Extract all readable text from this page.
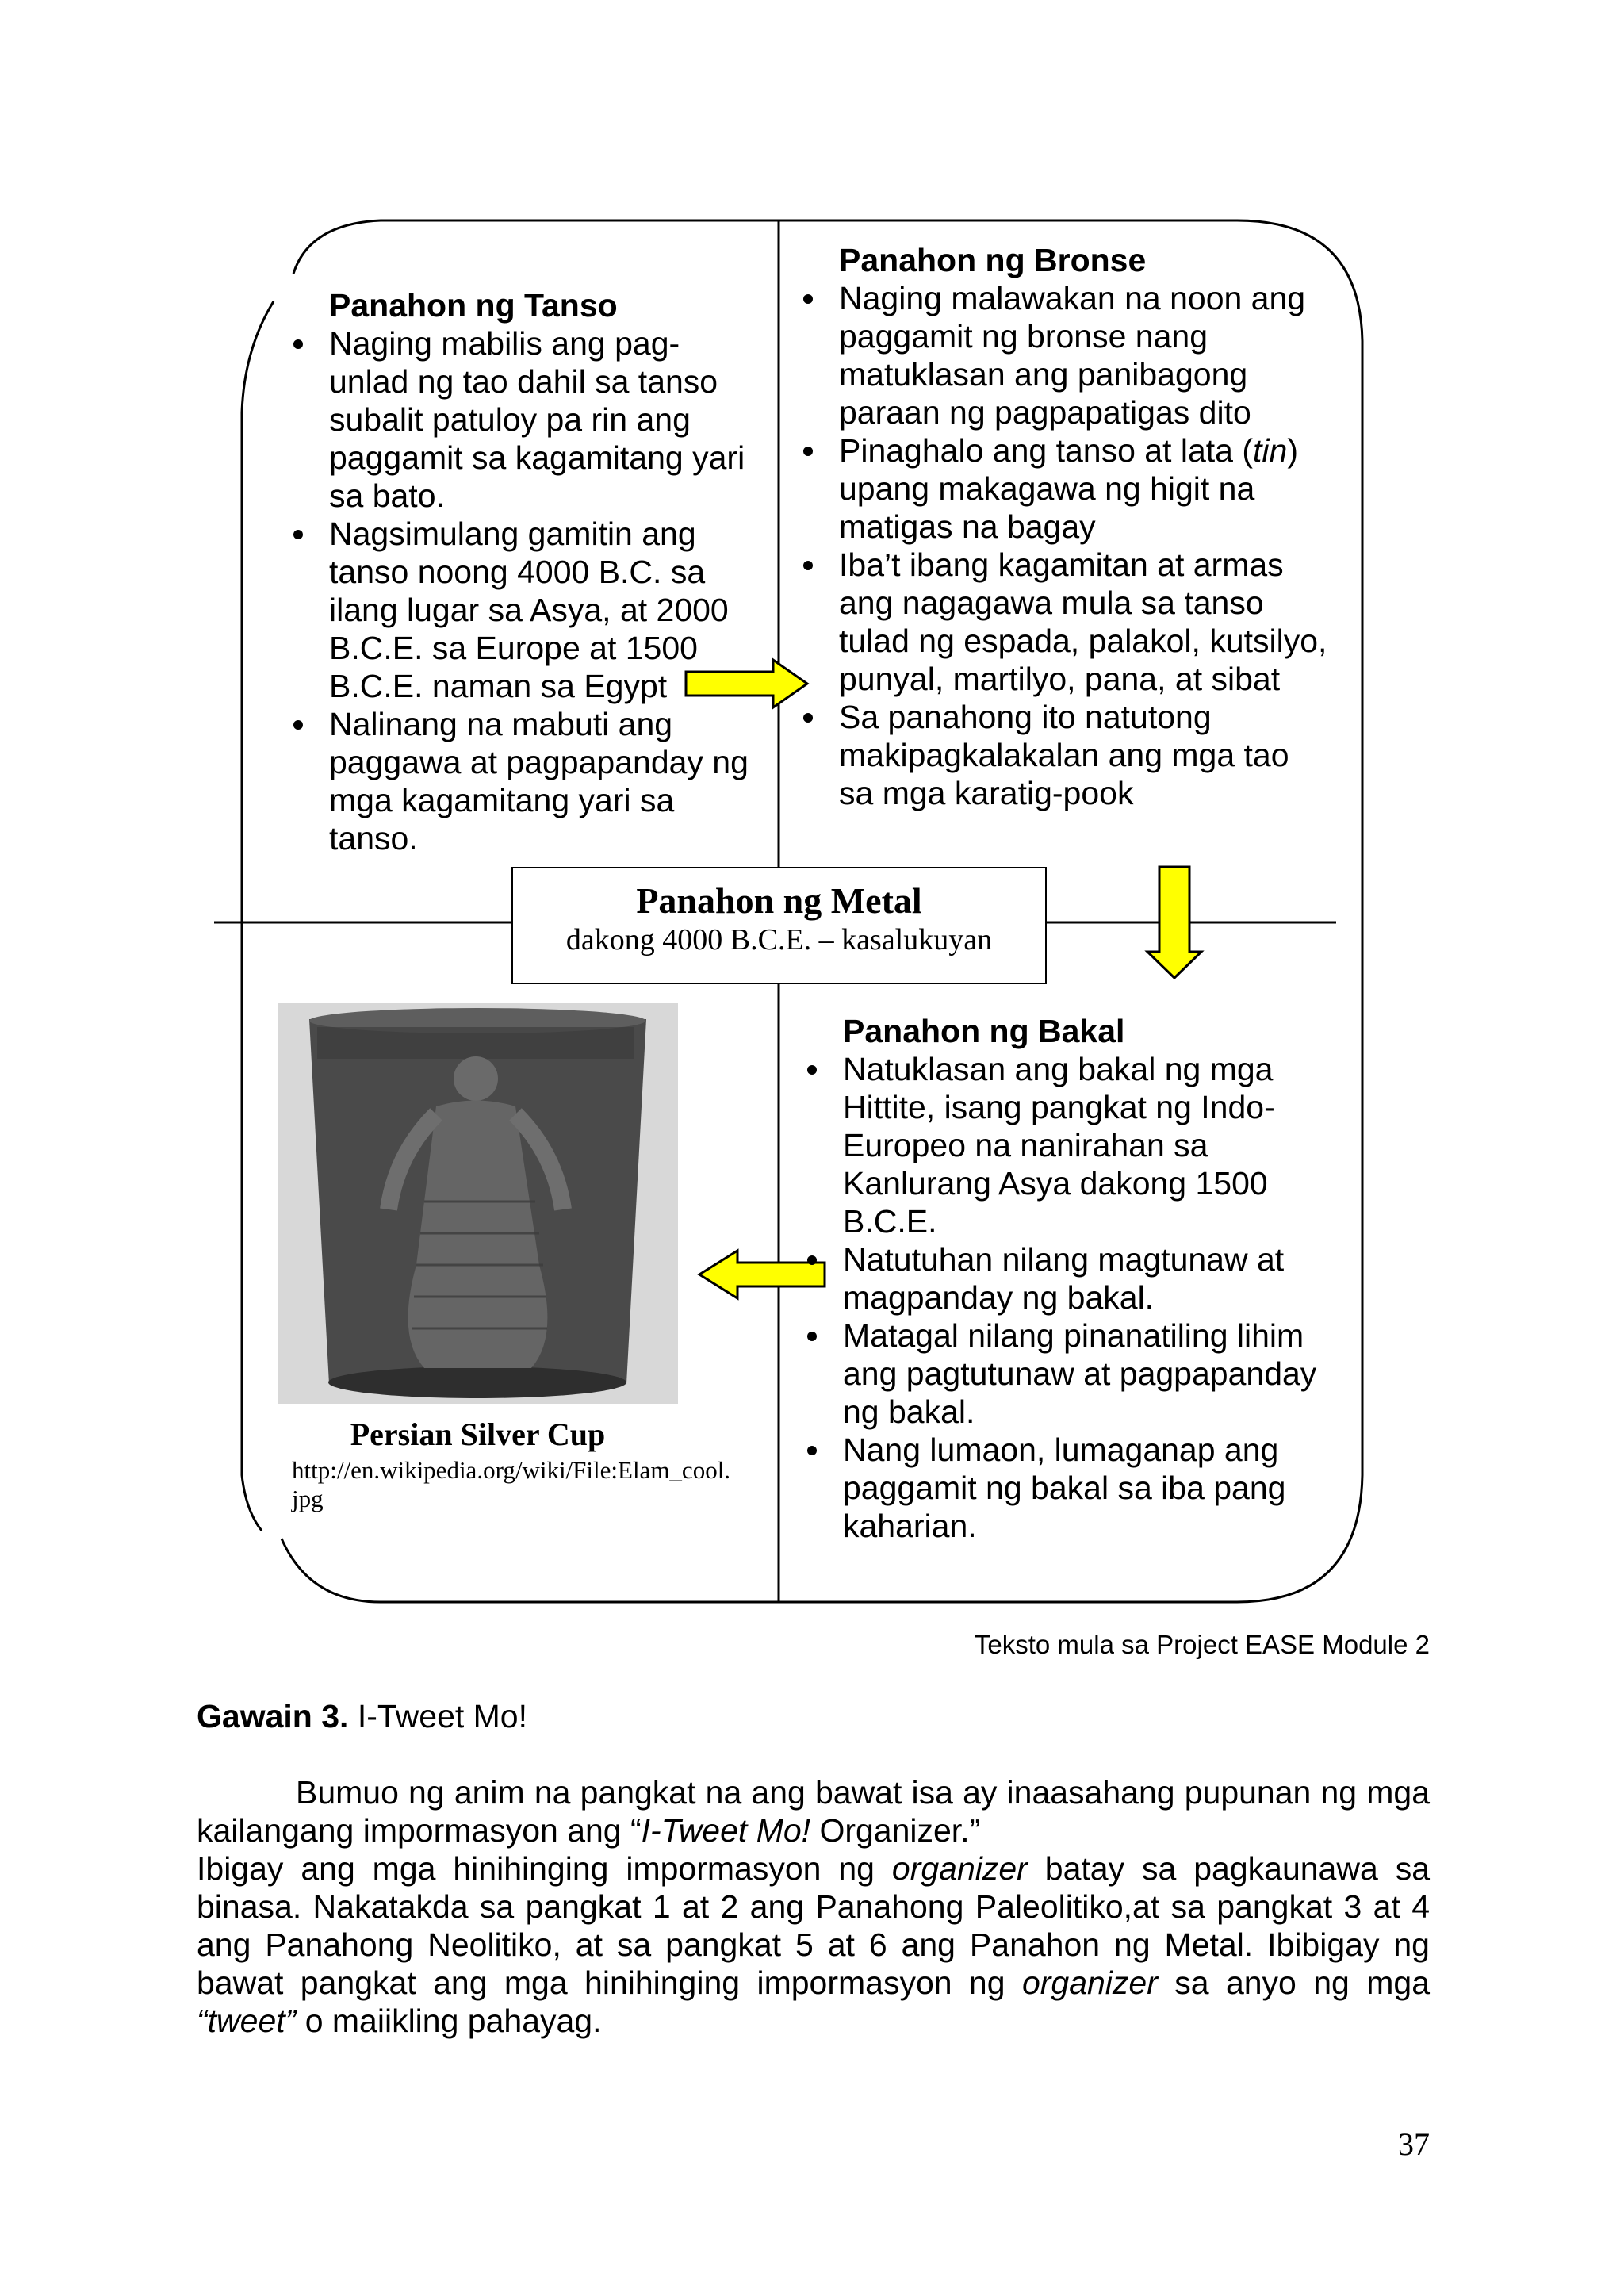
Panahon ng Tanso
Naging mabilis ang pag-unlad ng tao dahil sa tanso subalit patuloy pa rin ang paggamit sa kagamitang yari sa bato.
Nagsimulang gamitin ang tanso noong 4000 B.C. sa ilang lugar sa Asya, at 2000 B.C.E. sa Europe at 1500 B.C.E. naman sa Egypt
Nalinang na mabuti ang paggawa at pagpapanday ng mga kagamitang yari sa tanso.
Panahon ng Bronse
Naging malawakan na noon ang paggamit ng bronse nang matuklasan ang panibagong paraan ng pagpapatigas dito
Pinaghalo ang tanso at lata (tin) upang makagawa ng higit na matigas na bagay
Iba’t ibang kagamitan at armas ang nagagawa mula sa tanso tulad ng espada, palakol, kutsilyo, punyal, martilyo, pana, at sibat
Sa panahong ito natutong makipagkalakalan ang mga tao sa mga karatig-pook
Panahon ng Metal
dakong 4000 B.C.E. – kasalukuyan
Persian Silver Cup
http://en.wikipedia.org/wiki/File:Elam_cool.jpg
Panahon ng Bakal
Natuklasan ang bakal ng mga Hittite, isang pangkat ng Indo-Europeo na nanirahan sa Kanlurang Asya dakong 1500 B.C.E.
Natutuhan nilang magtunaw at magpanday ng bakal.
Matagal nilang pinanatiling lihim ang pagtutunaw at pagpapanday ng bakal.
Nang lumaon, lumaganap ang paggamit ng bakal sa iba pang kaharian.
Teksto mula sa Project EASE Module 2
Gawain 3. I-Tweet Mo!
Bumuo ng anim na pangkat na ang bawat isa ay inaasahang pupunan ng mga kailangang impormasyon ang “I-Tweet Mo! Organizer.”
Ibigay ang mga hinihinging impormasyon ng organizer batay sa pagkaunawa sa binasa. Nakatakda sa pangkat 1 at 2 ang Panahong Paleolitiko,at sa pangkat 3 at 4 ang Panahong Neolitiko, at sa pangkat 5 at 6 ang Panahon ng Metal. Ibibigay ng bawat pangkat ang mga hinihinging impormasyon ng organizer sa anyo ng mga “tweet” o maiikling pahayag.
37
